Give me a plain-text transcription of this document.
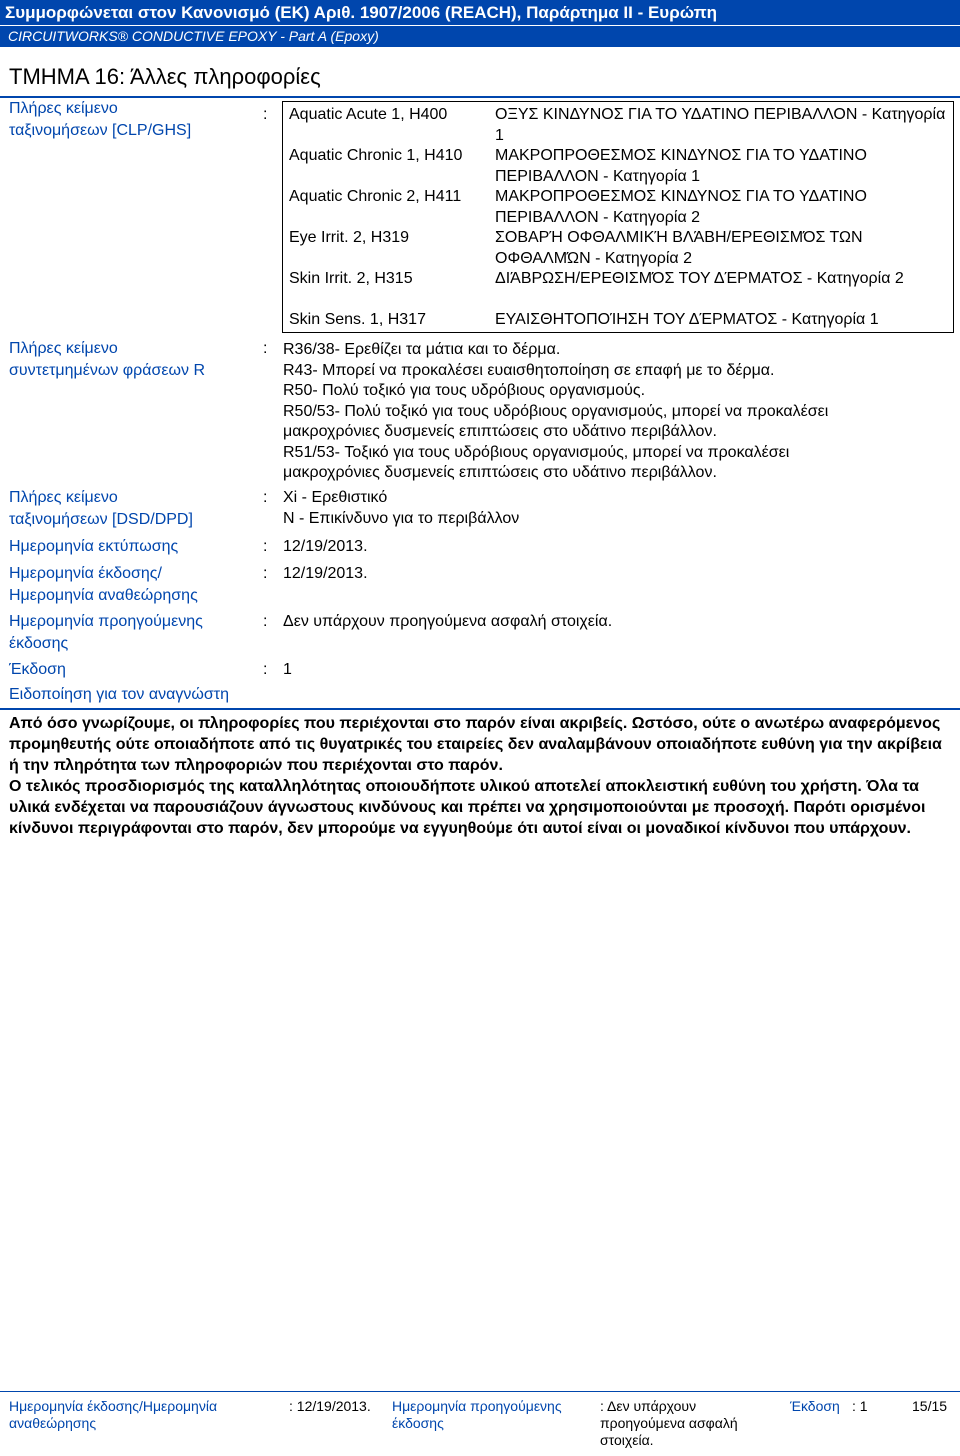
Συμμορφώνεται στον Κανονισμό (ΕΚ) Αριθ. 1907/2006 (REACH), Παράρτημα II - Ευρώπη
CIRCUITWORKS® CONDUCTIVE EPOXY - Part A (Epoxy)
ΤΜΗΜΑ 16: Άλλες πληροφορίες
Πλήρες κείμενο
ταξινομήσεων [CLP/GHS]
: Aquatic Acute 1, H400	ΟΞΥΣ ΚΙΝΔΥΝΟΣ ΓΙΑ ΤΟ ΥΔΑΤΙΝΟ ΠΕΡΙΒΑΛΛΟΝ - Κατηγορία 1
Aquatic Chronic 1, H410 ΜΑΚΡΟΠΡΟΘΕΣΜΟΣ ΚΙΝΔΥΝΟΣ ΓΙΑ ΤΟ ΥΔΑΤΙΝΟ ΠΕΡΙΒΑΛΛΟΝ - Κατηγορία 1
Aquatic Chronic 2, H411 ΜΑΚΡΟΠΡΟΘΕΣΜΟΣ ΚΙΝΔΥΝΟΣ ΓΙΑ ΤΟ ΥΔΑΤΙΝΟ ΠΕΡΙΒΑΛΛΟΝ - Κατηγορία 2
Eye Irrit. 2, H319	ΣΟΒΑΡΉ ΟΦΘΑΛΜΙΚΉ ΒΛΆΒΗ/ΕΡΕΘΙΣΜΌΣ ΤΩΝ ΟΦΘΑΛΜΏΝ - Κατηγορία 2
Skin Irrit. 2, H315	ΔΙΆΒΡΩΣΗ/ΕΡΕΘΙΣΜΌΣ ΤΟΥ ΔΈΡΜΑΤΟΣ - Κατηγορία 2
Skin Sens. 1, H317	ΕΥΑΙΣΘΗΤΟΠΟΊΗΣΗ ΤΟΥ ΔΈΡΜΑΤΟΣ - Κατηγορία 1
Πλήρες κείμενο
συντετμημένων φράσεων R
: R36/38- Ερεθίζει τα μάτια και το δέρμα.
R43- Μπορεί να προκαλέσει ευαισθητοποίηση σε επαφή με το δέρμα.
R50- Πολύ τοξικό για τους υδρόβιους οργανισμούς.
R50/53- Πολύ τοξικό για τους υδρόβιους οργανισμούς, μπορεί να προκαλέσει
μακροχρόνιες δυσμενείς επιπτώσεις στο υδάτινο περιβάλλον.
R51/53- Τοξικό για τους υδρόβιους οργανισμούς, μπορεί να προκαλέσει
μακροχρόνιες δυσμενείς επιπτώσεις στο υδάτινο περιβάλλον.
Πλήρες κείμενο
ταξινομήσεων [DSD/DPD]
: Xi - Ερεθιστικό
N - Επικίνδυνο για το περιβάλλον
Ημερομηνία εκτύπωσης	: 12/19/2013.
Ημερομηνία έκδοσης/
Ημερομηνία αναθεώρησης
: 12/19/2013.
Ημερομηνία προηγούμενης
έκδοσης
: Δεν υπάρχουν προηγούμενα ασφαλή στοιχεία.
Έκδοση	: 1
Ειδοποίηση για τον αναγνώστη

Από όσο γνωρίζουμε, οι πληροφορίες που περιέχονται στο παρόν είναι ακριβείς. Ωστόσο, ούτε ο ανωτέρω αναφερόμενος προμηθευτής ούτε οποιαδήποτε από τις θυγατρικές του εταιρείες δεν αναλαμβάνουν οποιαδήποτε ευθύνη για την ακρίβεια ή την πληρότητα των πληροφοριών που περιέχονται στο παρόν.

Ο τελικός προσδιορισμός της καταλληλότητας οποιουδήποτε υλικού αποτελεί αποκλειστική ευθύνη του χρήστη. Όλα τα υλικά ενδέχεται να παρουσιάζουν άγνωστους κινδύνους και πρέπει να χρησιμοποιούνται με προσοχή. Παρότι ορισμένοι κίνδυνοι περιγράφονται στο παρόν, δεν μπορούμε να εγγυηθούμε ότι αυτοί είναι οι μοναδικοί κίνδυνοι που υπάρχουν.

Ημερομηνία έκδοσης/Ημερομηνία
αναθεώρησης
: 12/19/2013. Ημερομηνία προηγούμενης
έκδοσης
: Δεν υπάρχουν
προηγούμενα ασφαλή
στοιχεία.
Έκδοση : 1	15/15
